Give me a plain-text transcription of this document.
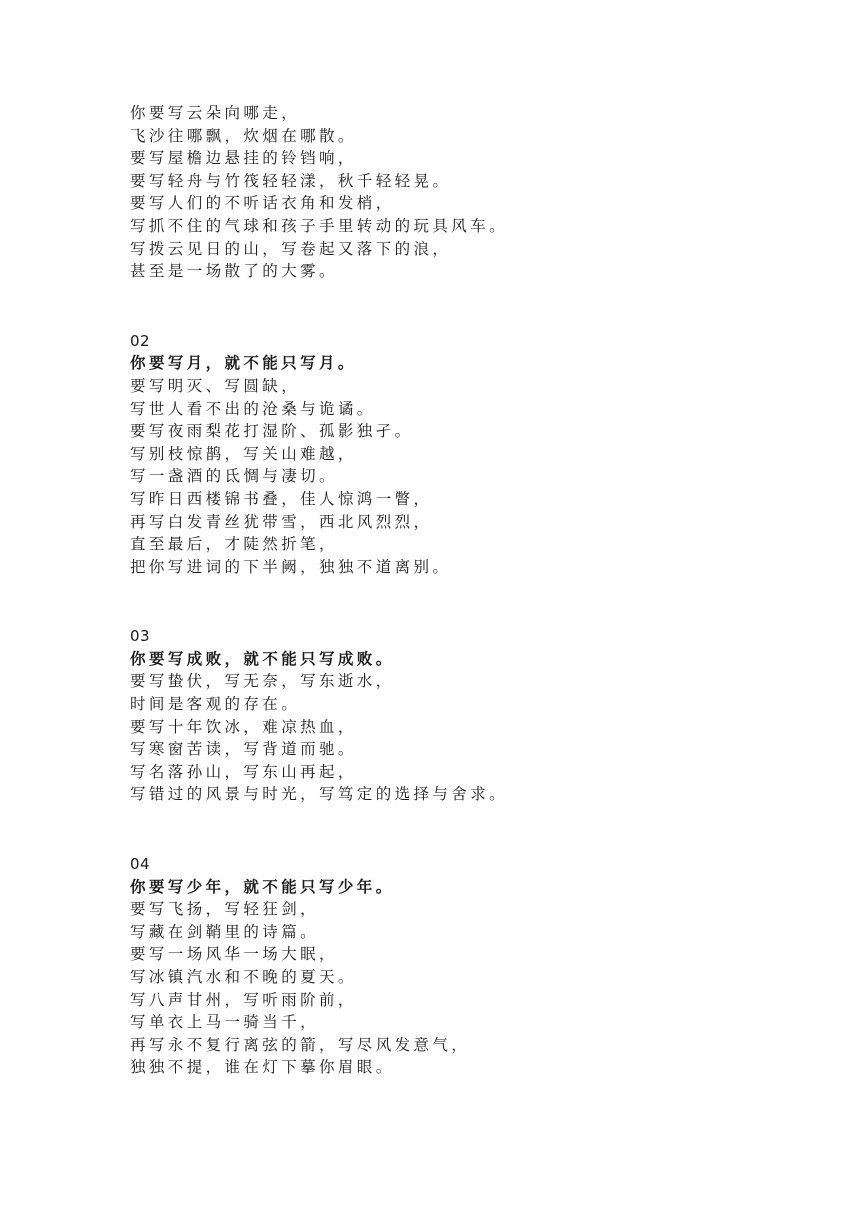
你要写云朵向哪走，
飞沙往哪飘，炊烟在哪散。
要写屋檐边悬挂的铃铛响，
要写轻舟与竹筏轻轻漾，秋千轻轻晃。
要写人们的不听话衣角和发梢，
写抓不住的气球和孩子手里转动的玩具风车。
写拨云见日的山，写卷起又落下的浪，
甚至是一场散了的大雾。
02
你要写月，就不能只写月。
要写明灭、写圆缺，
写世人看不出的沧桑与诡谲。
要写夜雨梨花打湿阶、孤影独孑。
写别枝惊鹊，写关山难越，
写一盏酒的氐惆与凄切。
写昨日西楼锦书叠，佳人惊鸿一瞥，
再写白发青丝犹带雪，西北风烈烈，
直至最后，才陡然折笔，
把你写进词的下半阙，独独不道离别。
03
你要写成败，就不能只写成败。
要写蛰伏，写无奈，写东逝水，
时间是客观的存在。
要写十年饮冰，难凉热血，
写寒窗苦读，写背道而驰。
写名落孙山，写东山再起，
写错过的风景与时光，写笃定的选择与舍求。
04
你要写少年，就不能只写少年。
要写飞扬，写轻狂剑，
写藏在剑鞘里的诗篇。
要写一场风华一场大眠，
写冰镇汽水和不晚的夏天。
写八声甘州，写听雨阶前，
写单衣上马一骑当千，
再写永不复行离弦的箭，写尽风发意气，
独独不提，谁在灯下摹你眉眼。
